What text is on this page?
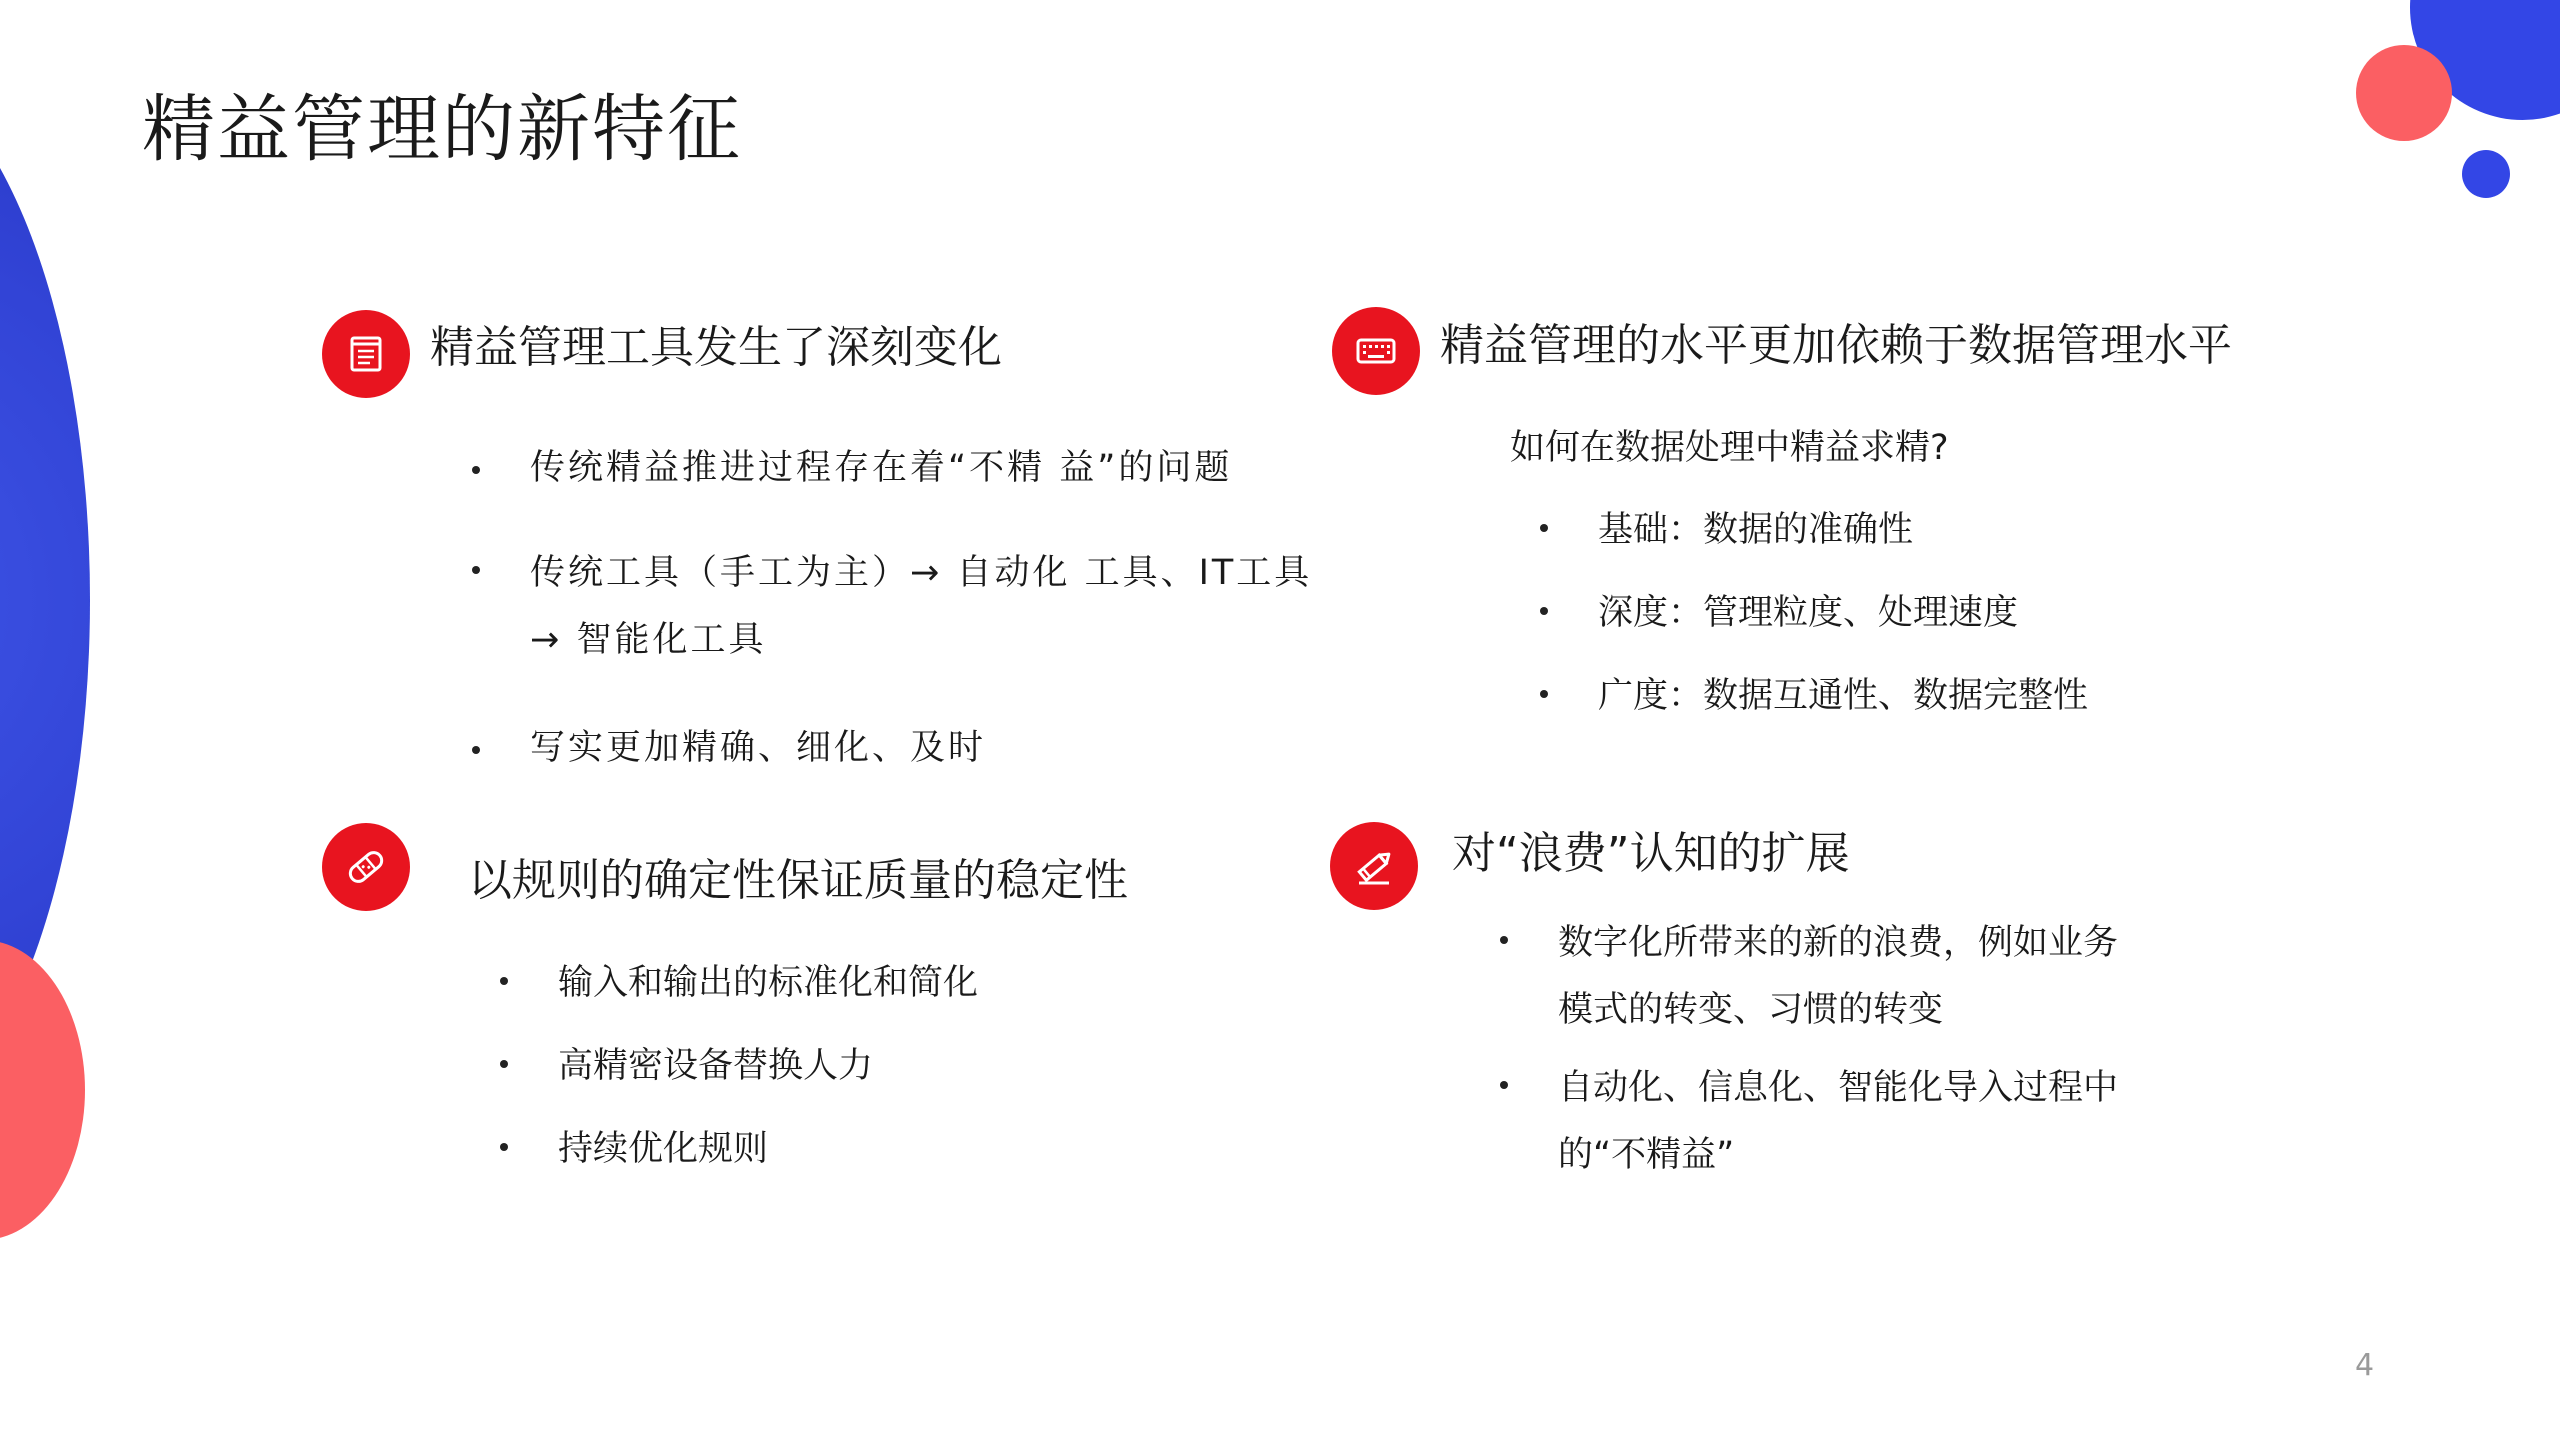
精益管理的新特征
精益管理工具发生了深刻变化
传统精益推进过程存在着“不精 益”的问题
传统工具（手工为主）→ 自动化 工具、IT工具
→ 智能化工具
写实更加精确、细化、及时
精益管理的水平更加依赖于数据管理水平
如何在数据处理中精益求精?
基础：数据的准确性
深度：管理粒度、处理速度
广度：数据互通性、数据完整性
以规则的确定性保证质量的稳定性
输入和输出的标准化和简化
高精密设备替换人力
持续优化规则
对“浪费”认知的扩展
数字化所带来的新的浪费，例如业务
模式的转变、习惯的转变
自动化、信息化、智能化导入过程中
的“不精益”
4
